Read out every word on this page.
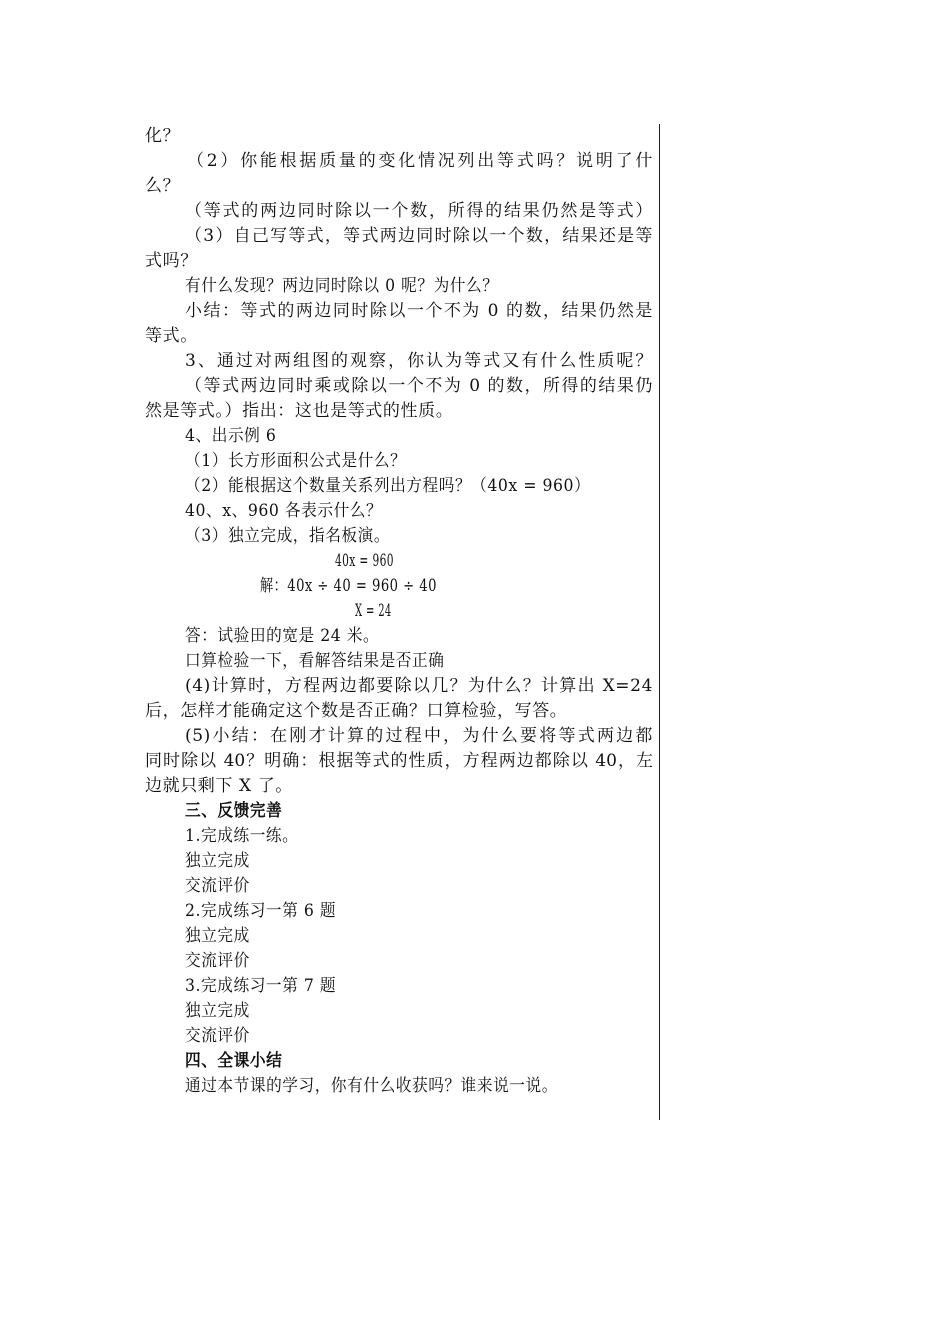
化？
（2）你能根据质量的变化情况列出等式吗？说明了什
么？
（等式的两边同时除以一个数，所得的结果仍然是等式）
（3）自己写等式，等式两边同时除以一个数，结果还是等
式吗？
有什么发现？两边同时除以 0 呢？为什么？
小结：等式的两边同时除以一个不为 0 的数，结果仍然是
等式。
3、通过对两组图的观察，你认为等式又有什么性质呢？
（等式两边同时乘或除以一个不为 0 的数，所得的结果仍
然是等式。）指出：这也是等式的性质。
4、出示例 6
（1）长方形面积公式是什么？
（2）能根据这个数量关系列出方程吗？（40x = 960）
40、x、960 各表示什么？
（3）独立完成，指名板演。
40x = 960
解：40x ÷ 40 = 960 ÷ 40
X = 24
答：试验田的宽是 24 米。
口算检验一下，看解答结果是否正确
(4)计算时，方程两边都要除以几？为什么？计算出 X=24
后，怎样才能确定这个数是否正确？口算检验，写答。
(5)小结：在刚才计算的过程中，为什么要将等式两边都
同时除以 40？明确：根据等式的性质，方程两边都除以 40，左
边就只剩下 X 了。
三、反馈完善
1.完成练一练。
独立完成
交流评价
2.完成练习一第 6 题
独立完成
交流评价
3.完成练习一第 7 题
独立完成
交流评价
四、全课小结
通过本节课的学习，你有什么收获吗？谁来说一说。
